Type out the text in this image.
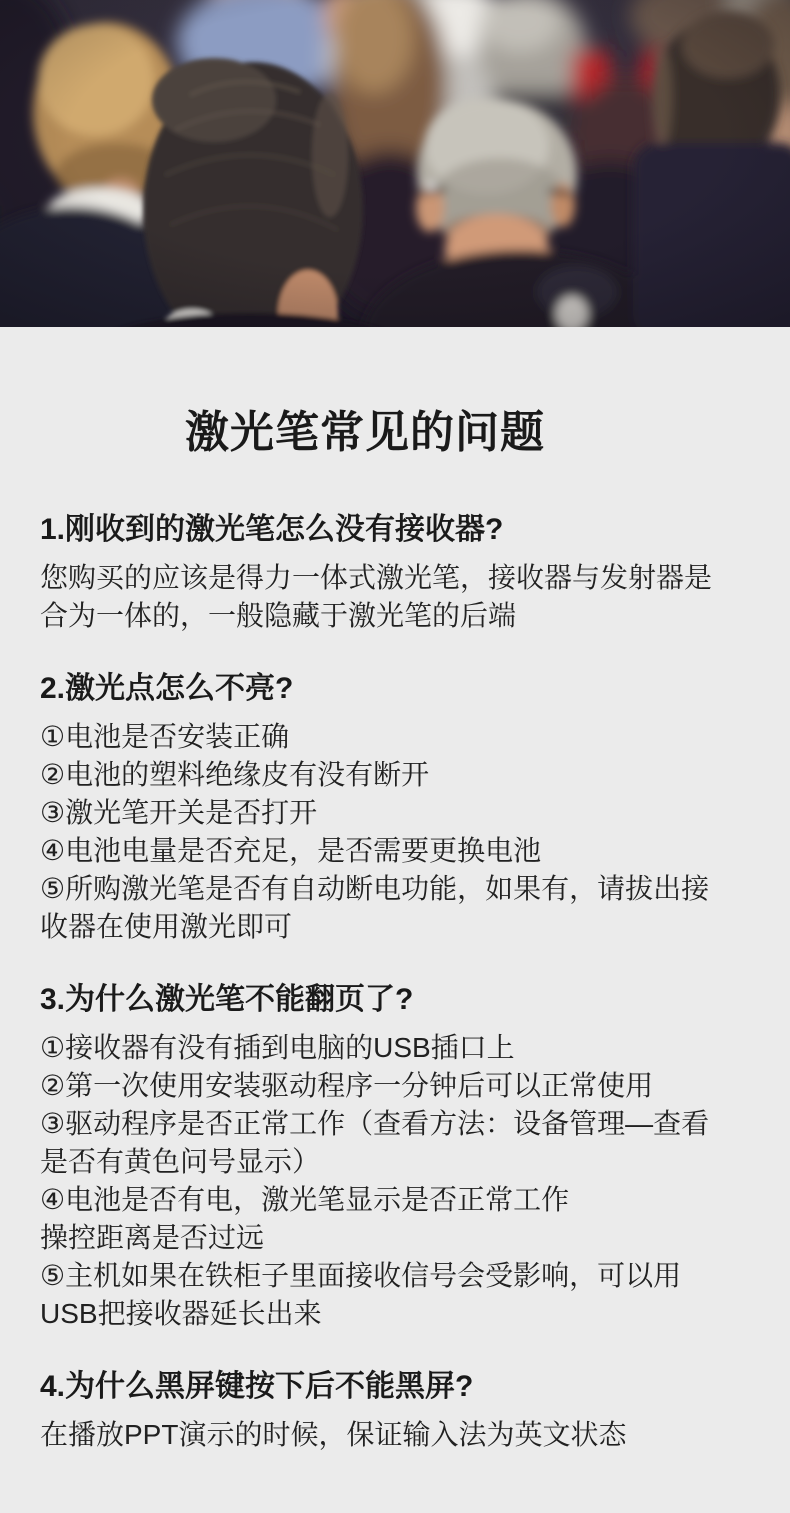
激光笔常见的问题
1.刚收到的激光笔怎么没有接收器?

您购买的应该是得力一体式激光笔，接收器与发射器是合为一体的，一般隐藏于激光笔的后端

2.激光点怎么不亮?

①电池是否安装正确

②电池的塑料绝缘皮有没有断开

③激光笔开关是否打开

④电池电量是否充足，是否需要更换电池

⑤所购激光笔是否有自动断电功能，如果有，请拔出接收器在使用激光即可

3.为什么激光笔不能翻页了?

①接收器有没有插到电脑的USB插口上

②第一次使用安装驱动程序一分钟后可以正常使用

③驱动程序是否正常工作（查看方法：设备管理—查看是否有黄色问号显示）

④电池是否有电，激光笔显示是否正常工作

操控距离是否过远

⑤主机如果在铁柜子里面接收信号会受影响，可以用USB把接收器延长出来

4.为什么黑屏键按下后不能黑屏?

在播放PPT演示的时候，保证输入法为英文状态
